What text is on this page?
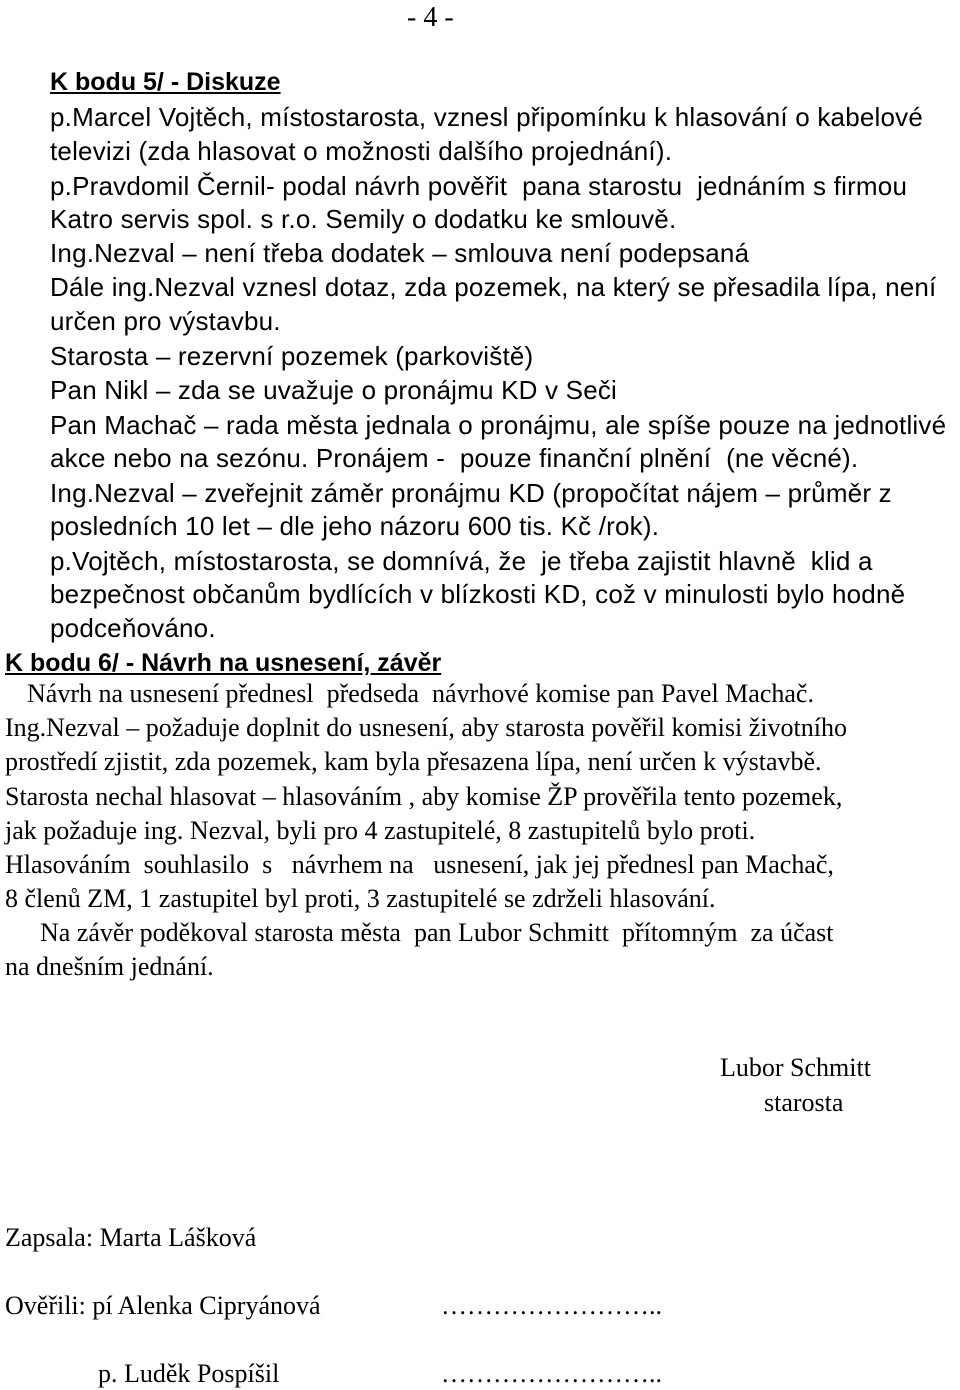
- 4 -
K bodu 5/ - Diskuze
p.Marcel Vojtěch, místostarosta, vznesl připomínku k hlasování o kabelové
televizi (zda hlasovat o možnosti dalšího projednání).
p.Pravdomil Černil- podal návrh pověřit  pana starostu  jednáním s firmou
Katro servis spol. s r.o. Semily o dodatku ke smlouvě.
Ing.Nezval – není třeba dodatek – smlouva není podepsaná
Dále ing.Nezval vznesl dotaz, zda pozemek, na který se přesadila lípa, není
určen pro výstavbu.
Starosta – rezervní pozemek (parkoviště)
Pan Nikl – zda se uvažuje o pronájmu KD v Seči
Pan Machač – rada města jednala o pronájmu, ale spíše pouze na jednotlivé
akce nebo na sezónu. Pronájem -  pouze finanční plnění  (ne věcné).
Ing.Nezval – zveřejnit záměr pronájmu KD (propočítat nájem – průměr z
posledních 10 let – dle jeho názoru 600 tis. Kč /rok).
p.Vojtěch, místostarosta, se domnívá, že  je třeba zajistit hlavně  klid a
bezpečnost občanům bydlících v blízkosti KD, což v minulosti bylo hodně
podceňováno.
K bodu 6/ - Návrh na usnesení, závěr
Návrh na usnesení přednesl  předseda  návrhové komise pan Pavel Machač.
Ing.Nezval – požaduje doplnit do usnesení, aby starosta pověřil komisi životního
prostředí zjistit, zda pozemek, kam byla přesazena lípa, není určen k výstavbě.
Starosta nechal hlasovat – hlasováním , aby komise ŽP prověřila tento pozemek,
jak požaduje ing. Nezval, byli pro 4 zastupitelé, 8 zastupitelů bylo proti.
Hlasováním  souhlasilo  s   návrhem na   usnesení, jak jej přednesl pan Machač,
8 členů ZM, 1 zastupitel byl proti, 3 zastupitelé se zdrželi hlasování.
Na závěr poděkoval starosta města  pan Lubor Schmitt  přítomným  za účast
na dnešním jednání.
Lubor Schmitt
starosta
Zapsala: Marta Lášková
Ověřili: pí Alenka Cipryánová	……………………..
p. Luděk Pospíšil	……………………..
